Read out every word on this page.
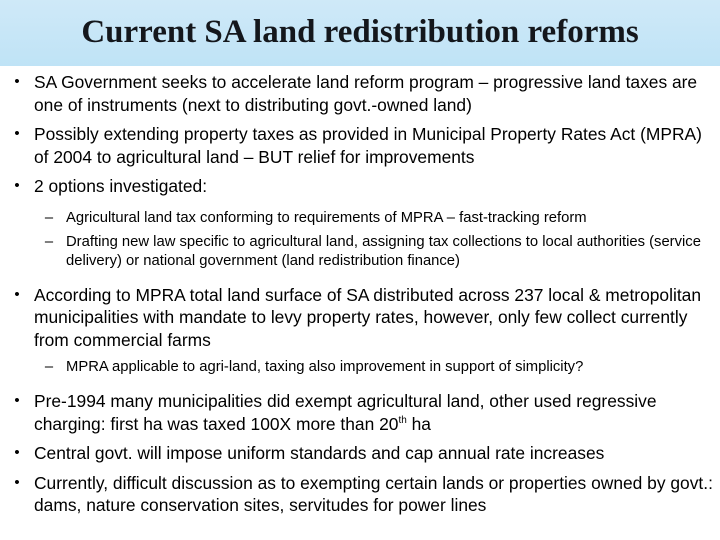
Current SA land redistribution reforms
• SA Government seeks to accelerate land reform program – progressive land taxes are one of instruments (next to distributing govt.-owned land)
• Possibly extending property taxes as provided in Municipal Property Rates Act (MPRA) of 2004 to agricultural land – BUT relief for improvements
• 2 options investigated:
– Agricultural land tax conforming to requirements of MPRA – fast-tracking reform
– Drafting new law specific to agricultural land, assigning tax collections to local authorities (service delivery) or national government (land redistribution finance)
• According to MPRA total land surface of SA distributed across 237 local & metropolitan municipalities with mandate to levy property rates, however, only few collect currently from commercial farms
– MPRA applicable to agri-land, taxing also improvement in support of simplicity?
• Pre-1994 many municipalities did exempt agricultural land, other used regressive charging: first ha was taxed 100X more than 20th ha
• Central govt. will impose uniform standards and cap annual rate increases
• Currently, difficult discussion as to exempting certain lands or properties owned by govt.: dams, nature conservation sites, servitudes for power lines
